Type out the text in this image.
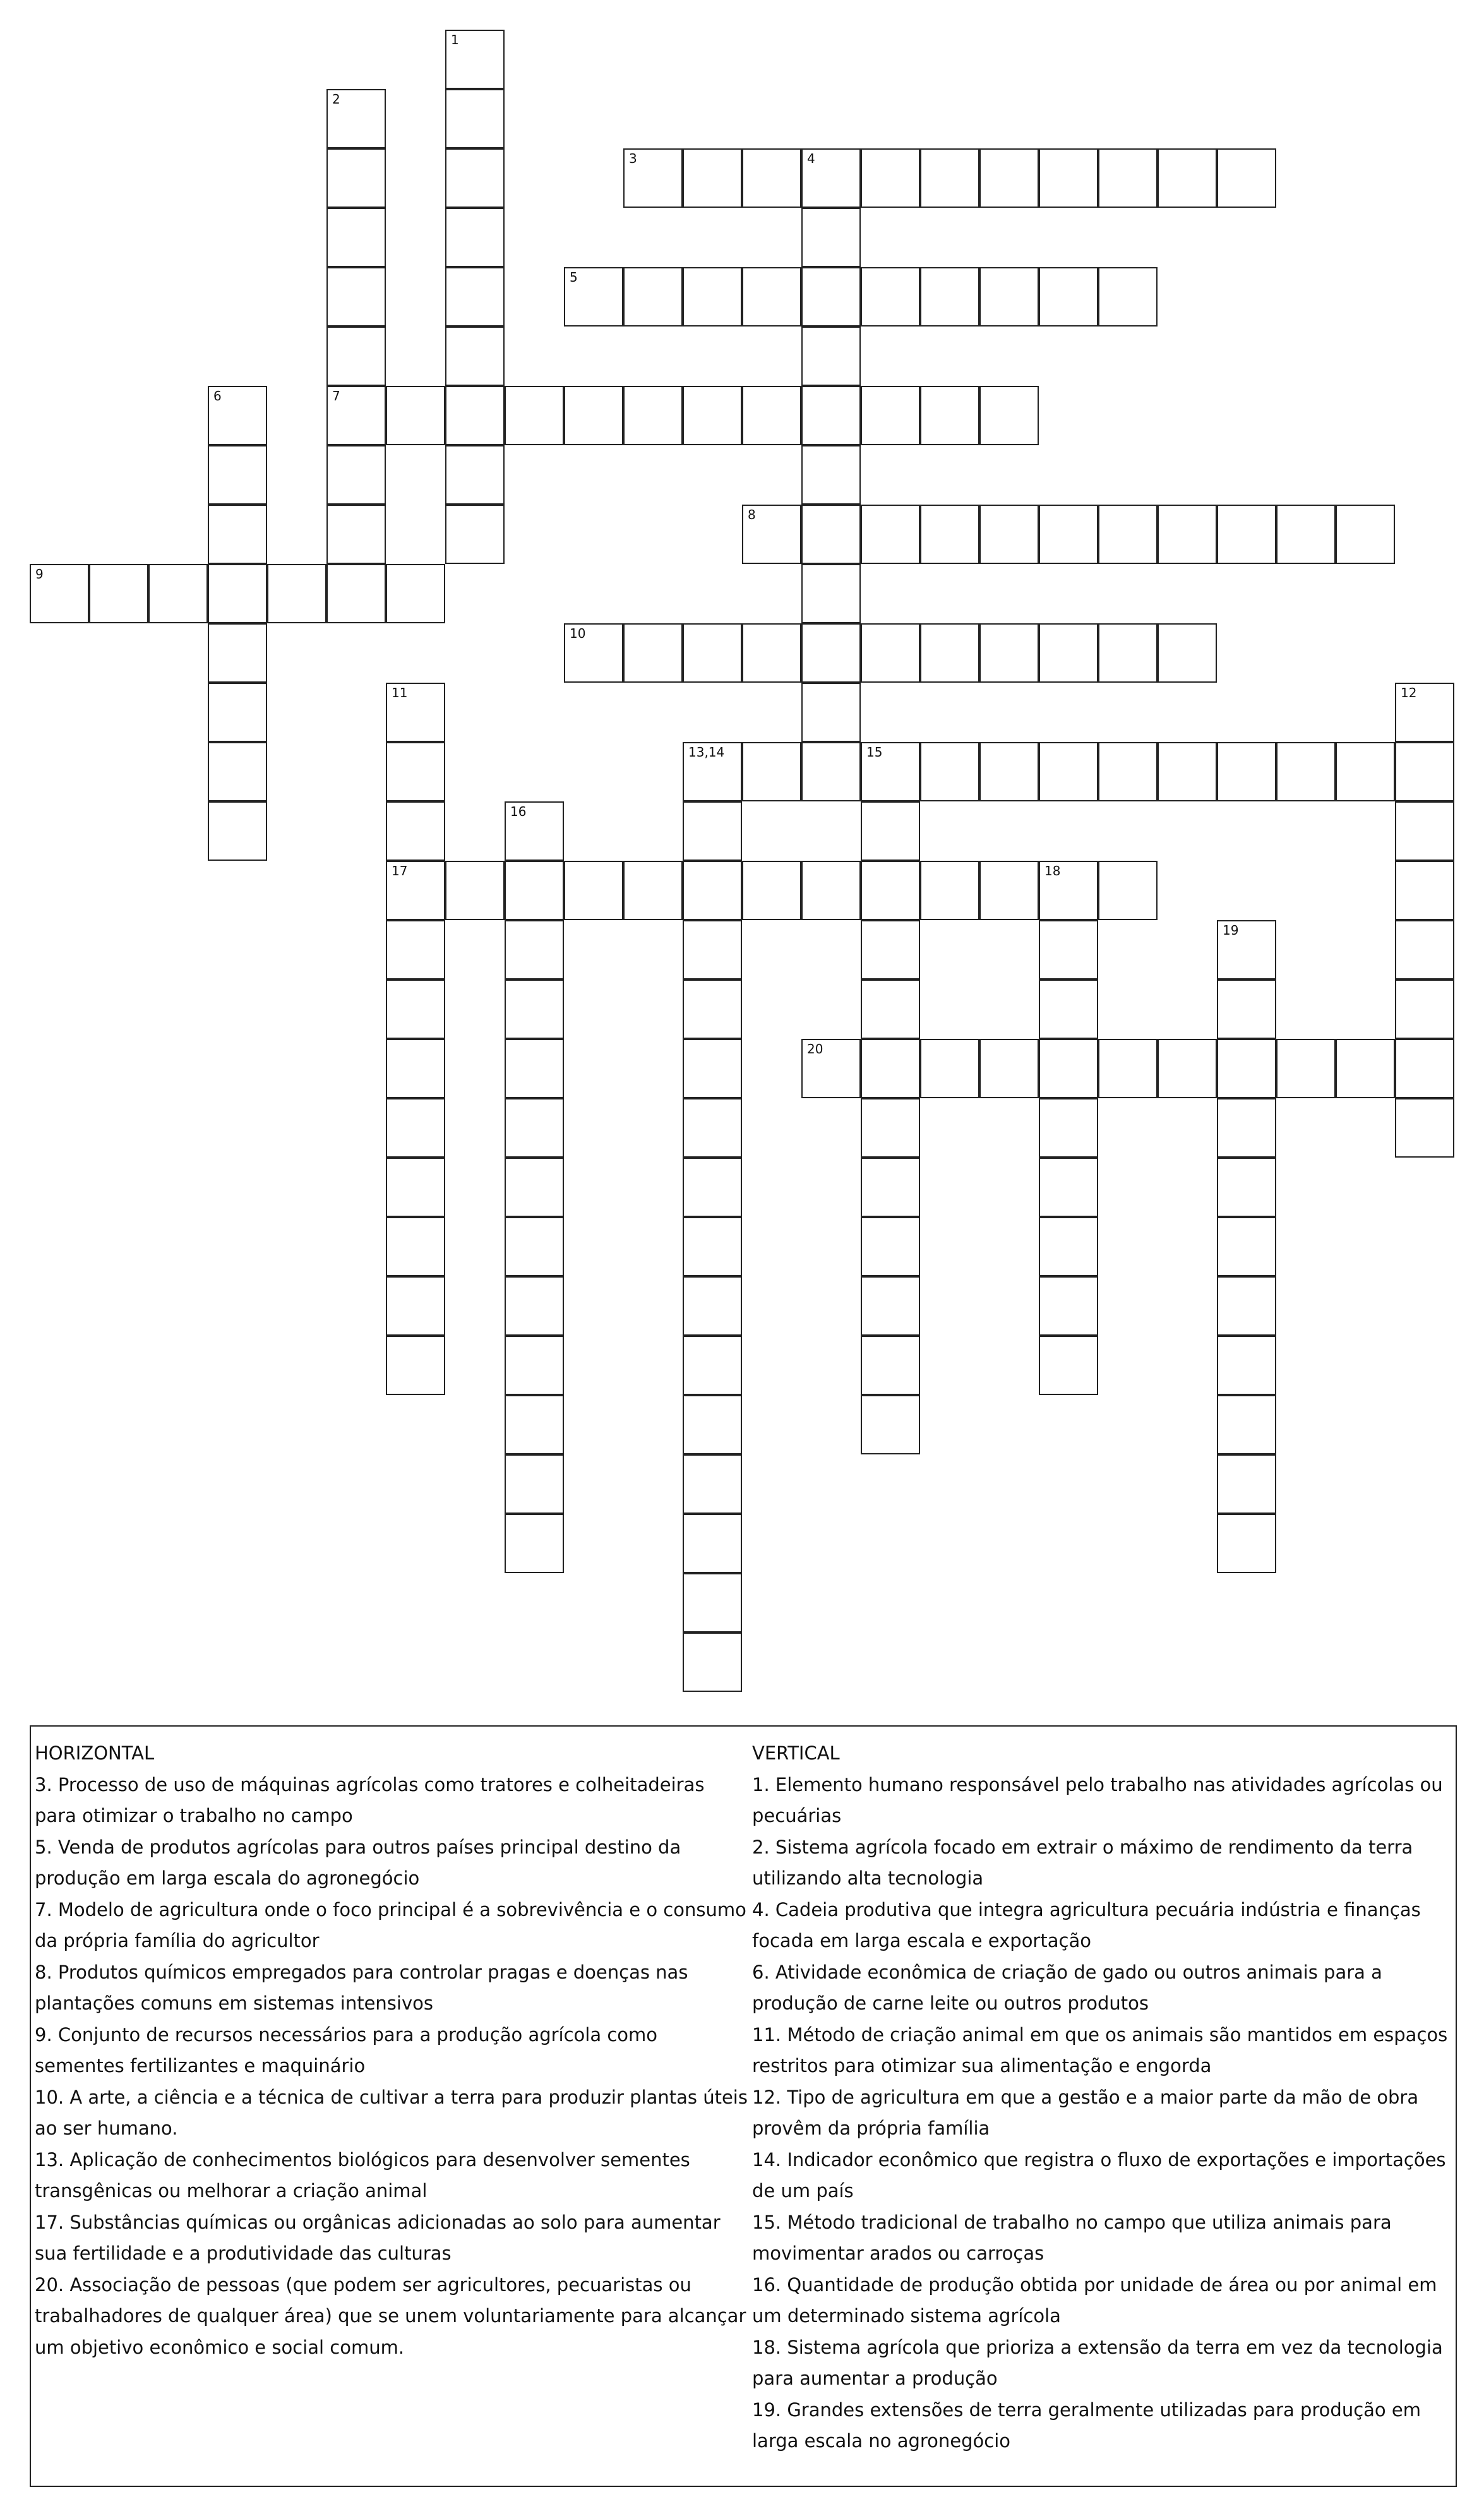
3	4
5
7
8
9
10
13,14	15
17	18
20
1
2
6
11	12
16
19
HORIZONTAL
3. Processo de uso de máquinas agrícolas como tratores e colheitadeiras para otimizar o trabalho no campo
5. Venda de produtos agrícolas para outros países principal destino da produção em larga escala do agronegócio
7. Modelo de agricultura onde o foco principal é a sobrevivência e o consumo da própria família do agricultor
8. Produtos químicos empregados para controlar pragas e doenças nas plantações comuns em sistemas intensivos
9. Conjunto de recursos necessários para a produção agrícola como sementes fertilizantes e maquinário
10. A arte, a ciência e a técnica de cultivar a terra para produzir plantas úteis ao ser humano.
13. Aplicação de conhecimentos biológicos para desenvolver sementes transgênicas ou melhorar a criação animal
17. Substâncias químicas ou orgânicas adicionadas ao solo para aumentar sua fertilidade e a produtividade das culturas
20. Associação de pessoas (que podem ser agricultores, pecuaristas ou trabalhadores de qualquer área) que se unem voluntariamente para alcançar um objetivo econômico e social comum.
VERTICAL
1. Elemento humano responsável pelo trabalho nas atividades agrícolas ou pecuárias
2. Sistema agrícola focado em extrair o máximo de rendimento da terra utilizando alta tecnologia
4. Cadeia produtiva que integra agricultura pecuária indústria e finanças focada em larga escala e exportação
6. Atividade econômica de criação de gado ou outros animais para a produção de carne leite ou outros produtos
11. Método de criação animal em que os animais são mantidos em espaços restritos para otimizar sua alimentação e engorda
12. Tipo de agricultura em que a gestão e a maior parte da mão de obra provêm da própria família
14. Indicador econômico que registra o fluxo de exportações e importações de um país
15. Método tradicional de trabalho no campo que utiliza animais para movimentar arados ou carroças
16. Quantidade de produção obtida por unidade de área ou por animal em um determinado sistema agrícola
18. Sistema agrícola que prioriza a extensão da terra em vez da tecnologia para aumentar a produção
19. Grandes extensões de terra geralmente utilizadas para produção em larga escala no agronegócio
